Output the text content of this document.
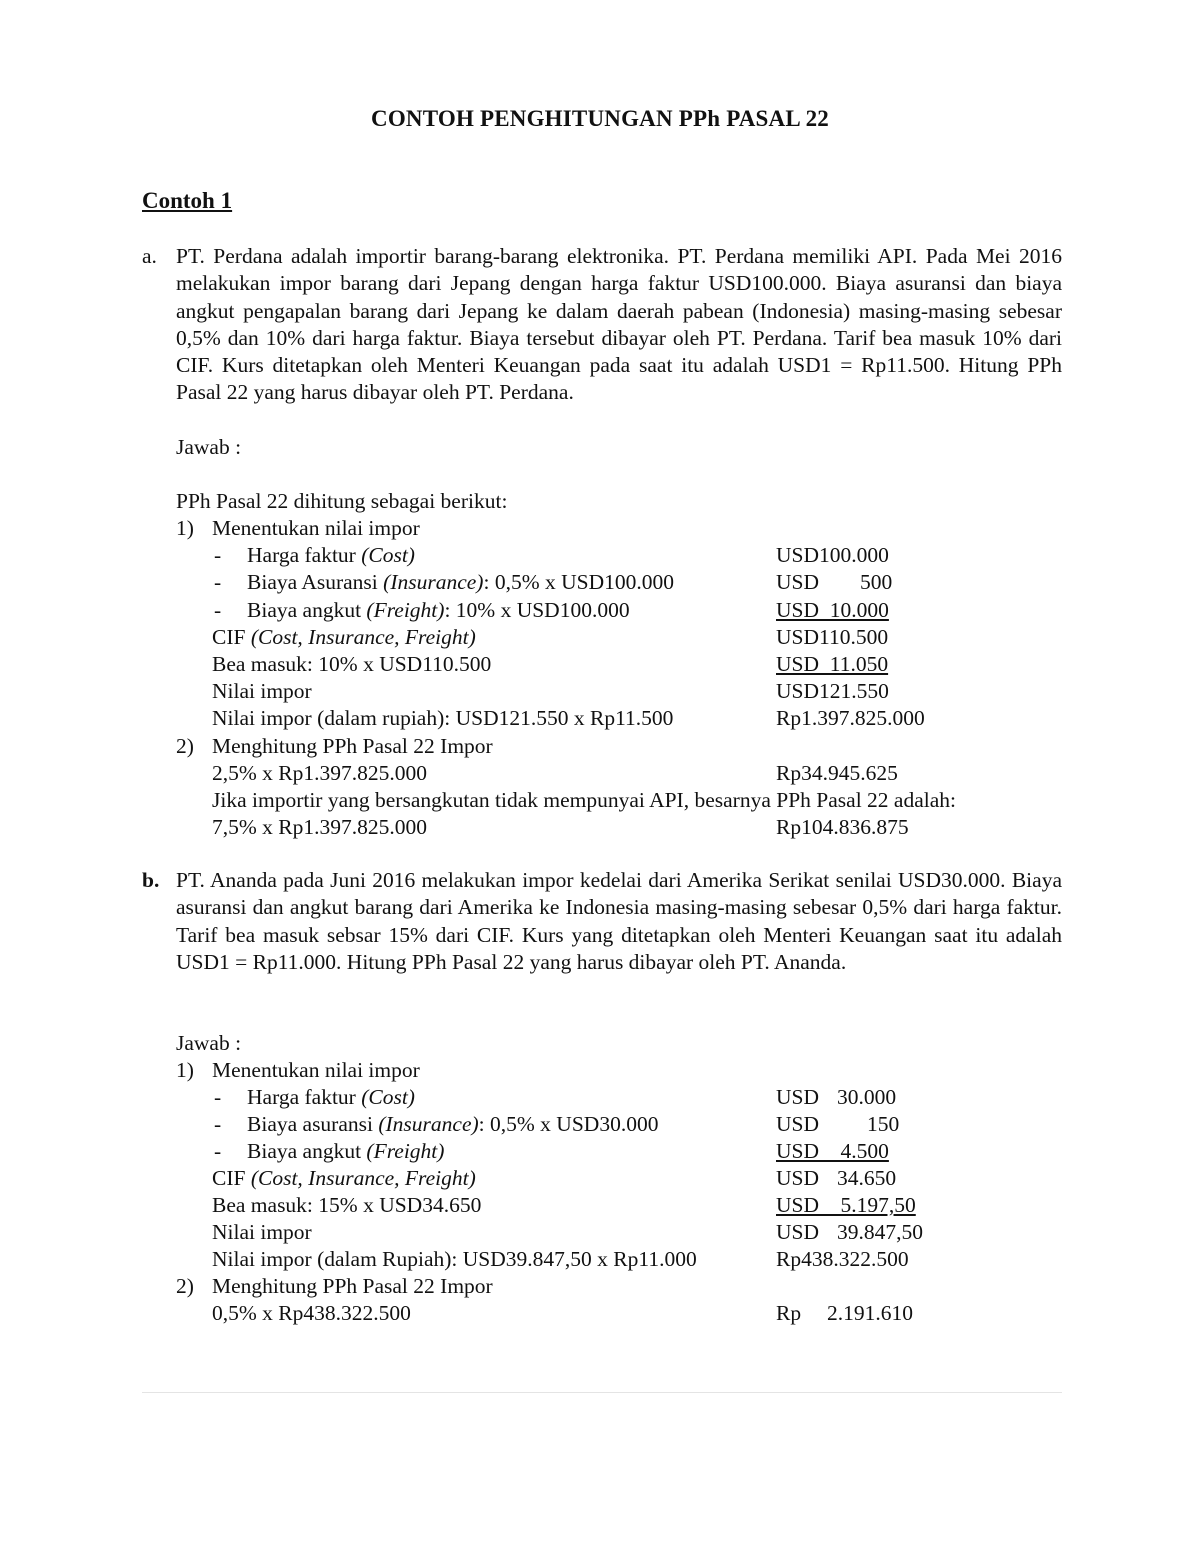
CONTOH PENGHITUNGAN PPh PASAL 22
Contoh 1
a. PT. Perdana adalah importir barang-barang elektronika. PT. Perdana memiliki API. Pada Mei 2016 melakukan impor barang dari Jepang dengan harga faktur USD100.000. Biaya asuransi dan biaya angkut pengapalan barang dari Jepang ke dalam daerah pabean (Indonesia) masing-masing sebesar 0,5% dan 10% dari harga faktur. Biaya tersebut dibayar oleh PT. Perdana. Tarif bea masuk 10% dari CIF. Kurs ditetapkan oleh Menteri Keuangan pada saat itu adalah USD1 = Rp11.500. Hitung PPh Pasal 22 yang harus dibayar oleh PT. Perdana.
Jawab :
PPh Pasal 22 dihitung sebagai berikut:
1) Menentukan nilai impor
- Harga faktur (Cost)	USD100.000
- Biaya Asuransi (Insurance): 0,5% x USD100.000	USD 500
- Biaya angkut (Freight): 10% x USD100.000	USD  10.000
CIF (Cost, Insurance, Freight)	USD110.500
Bea masuk: 10% x USD110.500	USD  11.050
Nilai impor	USD121.550
Nilai impor (dalam rupiah): USD121.550 x Rp11.500	Rp1.397.825.000
2) Menghitung PPh Pasal 22 Impor
2,5% x Rp1.397.825.000	Rp34.945.625
Jika importir yang bersangkutan tidak mempunyai API, besarnya PPh Pasal 22 adalah:
7,5% x Rp1.397.825.000	Rp104.836.875
b. PT. Ananda pada Juni 2016 melakukan impor kedelai dari Amerika Serikat senilai USD30.000. Biaya asuransi dan angkut barang dari Amerika ke Indonesia masing-masing sebesar 0,5% dari harga faktur. Tarif bea masuk sebsar 15% dari CIF. Kurs yang ditetapkan oleh Menteri Keuangan saat itu adalah USD1 = Rp11.000. Hitung PPh Pasal 22 yang harus dibayar oleh PT. Ananda.
Jawab :
1) Menentukan nilai impor
- Harga faktur (Cost)	USD 30.000
- Biaya asuransi (Insurance): 0,5% x USD30.000	USD 150
- Biaya angkut (Freight)	USD    4.500
CIF (Cost, Insurance, Freight)	USD 34.650
Bea masuk: 15% x USD34.650	USD    5.197,50
Nilai impor	USD 39.847,50
Nilai impor (dalam Rupiah): USD39.847,50 x Rp11.000	Rp438.322.500
2) Menghitung PPh Pasal 22 Impor
0,5% x Rp438.322.500	Rp 2.191.610
